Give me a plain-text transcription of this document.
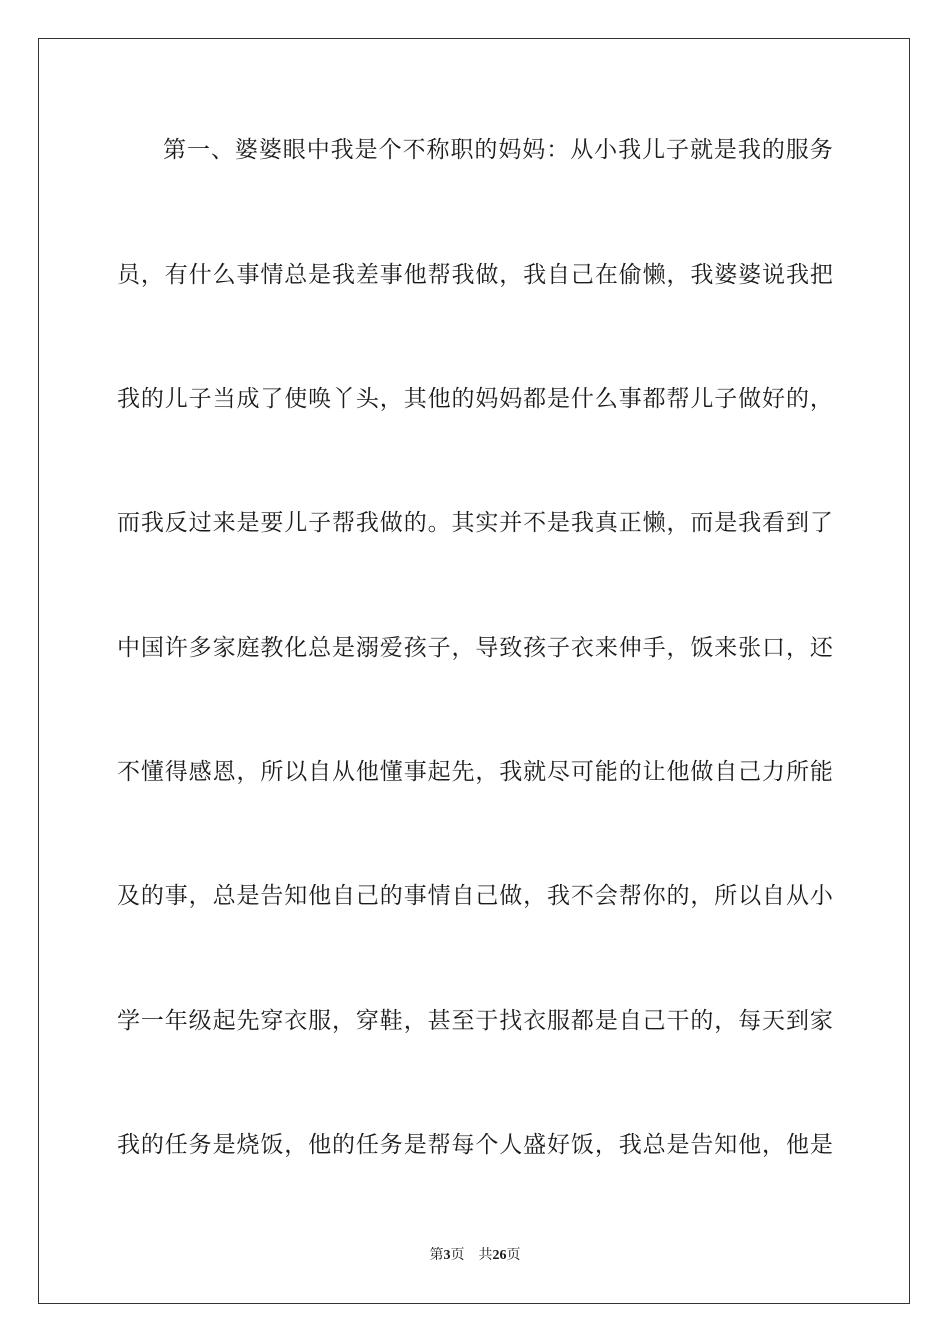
第 一 、 婆 婆 眼 中 我 是 个 不 称 职 的 妈 妈 ： 从 小 我 儿 子 就 是 我 的 服 务
员 ， 有 什 么 事 情 总 是 我 差 事 他 帮 我 做 ， 我 自 己 在 偷 懒 ， 我 婆 婆 说 我 把
我 的 儿 子 当 成 了 使 唤 丫 头 ， 其 他 的 妈 妈 都 是 什 么 事 都 帮 儿 子 做 好 的 ，
而 我 反 过 来 是 要 儿 子 帮 我 做 的 。 其 实 并 不 是 我 真 正 懒 ， 而 是 我 看 到 了
中 国 许 多 家 庭 教 化 总 是 溺 爱 孩 子 ， 导 致 孩 子 衣 来 伸 手 ， 饭 来 张 口 ， 还
不 懂 得 感 恩 ， 所 以 自 从 他 懂 事 起 先 ， 我 就 尽 可 能 的 让 他 做 自 己 力 所 能
及 的 事 ， 总 是 告 知 他 自 己 的 事 情 自 己 做 ， 我 不 会 帮 你 的 ， 所 以 自 从 小
学 一 年 级 起 先 穿 衣 服 ， 穿 鞋 ， 甚 至 于 找 衣 服 都 是 自 己 干 的 ， 每 天 到 家
我 的 任 务 是 烧 饭 ， 他 的 任 务 是 帮 每 个 人 盛 好 饭 ， 我 总 是 告 知 他 ， 他 是
第3页 共26页
